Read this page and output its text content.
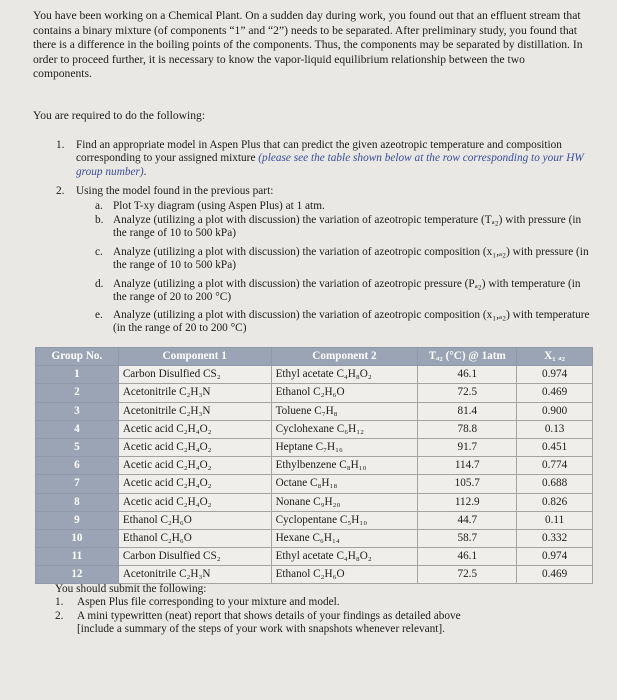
You have been working on a Chemical Plant. On a sudden day during work, you found out that an effluent stream that contains a binary mixture (of components “1” and “2”) needs to be separated. After preliminary study, you found that there is a difference in the boiling points of the components. Thus, the components may be separated by distillation. In order to proceed further, it is necessary to know the vapor-liquid equilibrium relationship between the two components.

You are required to do the following:

1. Find an appropriate model in Aspen Plus that can predict the given azeotropic temperature and composition corresponding to your assigned mixture (please see the table shown below at the row corresponding to your HW group number).
2. Using the model found in the previous part:
a. Plot T-xy diagram (using Aspen Plus) at 1 atm.
b. Analyze (utilizing a plot with discussion) the variation of azeotropic temperature (Tₐ₂) with pressure (in the range of 10 to 500 kPa)
c. Analyze (utilizing a plot with discussion) the variation of azeotropic composition (x₁,ₐ₂) with pressure (in the range of 10 to 500 kPa)
d. Analyze (utilizing a plot with discussion) the variation of azeotropic pressure (Pₐ₂) with temperature (in the range of 20 to 200 °C)
e. Analyze (utilizing a plot with discussion) the variation of azeotropic composition (x₁,ₐ₂) with temperature (in the range of 20 to 200 °C)
Group No.	Component 1	Component 2	Tₐ₂ (°C) @ 1atm	X₁ ₐ₂
1	Carbon Disulfied CS₂	Ethyl acetate C₄H₈O₂	46.1	0.974
2	Acetonitrile C₂H₃N	Ethanol C₂H₆O	72.5	0.469
3	Acetonitrile C₂H₃N	Toluene C₇H₈	81.4	0.900
4	Acetic acid C₂H₄O₂	Cyclohexane C₆H₁₂	78.8	0.13
5	Acetic acid C₂H₄O₂	Heptane C₇H₁₆	91.7	0.451
6	Acetic acid C₂H₄O₂	Ethylbenzene C₈H₁₀	114.7	0.774
7	Acetic acid C₂H₄O₂	Octane C₈H₁₈	105.7	0.688
8	Acetic acid C₂H₄O₂	Nonane C₉H₂₀	112.9	0.826
9	Ethanol C₂H₆O	Cyclopentane C₅H₁₀	44.7	0.11
10	Ethanol C₂H₆O	Hexane C₆H₁₄	58.7	0.332
11	Carbon Disulfied CS₂	Ethyl acetate C₄H₈O₂	46.1	0.974
12	Acetonitrile C₂H₃N	Ethanol C₂H₆O	72.5	0.469
You should submit the following:
1. Aspen Plus file corresponding to your mixture and model.
2. A mini typewritten (neat) report that shows details of your findings as detailed above
[include a summary of the steps of your work with snapshots whenever relevant].
